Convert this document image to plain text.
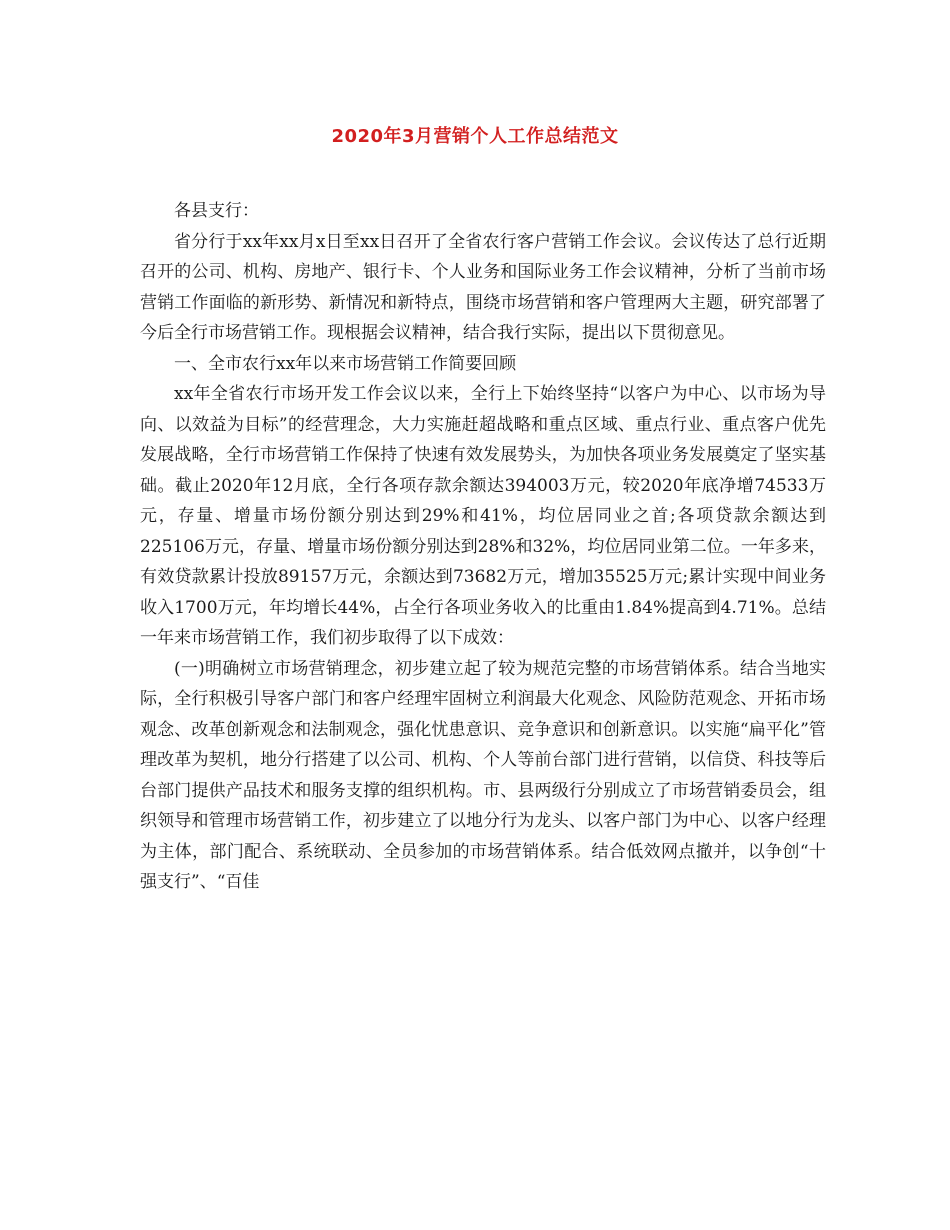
2020年3月营销个人工作总结范文

各县支行：

省分行于xx年xx月x日至xx日召开了全省农行客户营销工作会议。会议传达了总行近期召开的公司、机构、房地产、银行卡、个人业务和国际业务工作会议精神，分析了当前市场营销工作面临的新形势、新情况和新特点，围绕市场营销和客户管理两大主题，研究部署了今后全行市场营销工作。现根据会议精神，结合我行实际，提出以下贯彻意见。

一、全市农行xx年以来市场营销工作简要回顾

xx年全省农行市场开发工作会议以来，全行上下始终坚持“以客户为中心、以市场为导向、以效益为目标”的经营理念，大力实施赶超战略和重点区域、重点行业、重点客户优先发展战略，全行市场营销工作保持了快速有效发展势头，为加快各项业务发展奠定了坚实基础。截止2020年12月底，全行各项存款余额达394003万元，较2020年底净增74533万元，存量、增量市场份额分别达到29%和41%，均位居同业之首;各项贷款余额达到225106万元，存量、增量市场份额分别达到28%和32%，均位居同业第二位。一年多来，有效贷款累计投放89157万元，余额达到73682万元，增加35525万元;累计实现中间业务收入1700万元，年均增长44%，占全行各项业务收入的比重由1.84%提高到4.71%。总结一年来市场营销工作，我们初步取得了以下成效：

(一)明确树立市场营销理念，初步建立起了较为规范完整的市场营销体系。结合当地实际，全行积极引导客户部门和客户经理牢固树立利润最大化观念、风险防范观念、开拓市场观念、改革创新观念和法制观念，强化忧患意识、竞争意识和创新意识。以实施“扁平化”管理改革为契机，地分行搭建了以公司、机构、个人等前台部门进行营销，以信贷、科技等后台部门提供产品技术和服务支撑的组织机构。市、县两级行分别成立了市场营销委员会，组织领导和管理市场营销工作，初步建立了以地分行为龙头、以客户部门为中心、以客户经理为主体，部门配合、系统联动、全员参加的市场营销体系。结合低效网点撤并，以争创“十强支行”、“百佳
